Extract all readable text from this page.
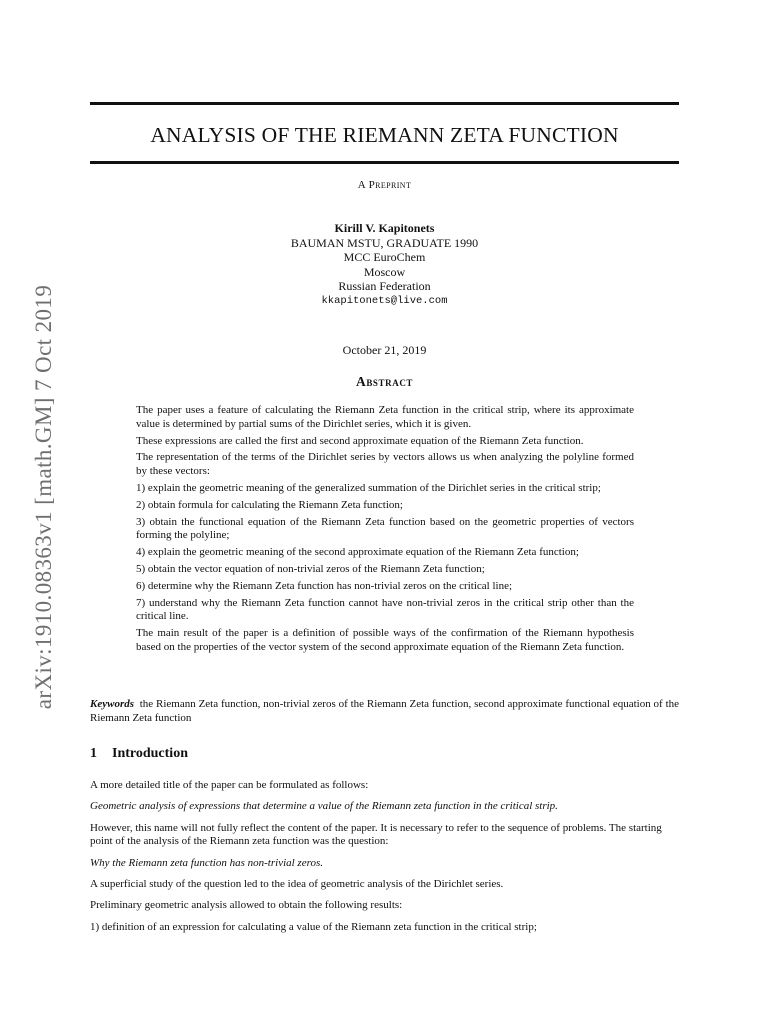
arXiv:1910.08363v1 [math.GM] 7 Oct 2019
ANALYSIS OF THE RIEMANN ZETA FUNCTION
A Preprint
Kirill V. Kapitonets
BAUMAN MSTU, GRADUATE 1990
MCC EuroChem
Moscow
Russian Federation
kkapitonets@live.com
October 21, 2019
Abstract

The paper uses a feature of calculating the Riemann Zeta function in the critical strip, where its approximate value is determined by partial sums of the Dirichlet series, which it is given.

These expressions are called the first and second approximate equation of the Riemann Zeta function.

The representation of the terms of the Dirichlet series by vectors allows us when analyzing the polyline formed by these vectors:

1) explain the geometric meaning of the generalized summation of the Dirichlet series in the critical strip;

2) obtain formula for calculating the Riemann Zeta function;

3) obtain the functional equation of the Riemann Zeta function based on the geometric properties of vectors forming the polyline;

4) explain the geometric meaning of the second approximate equation of the Riemann Zeta function;

5) obtain the vector equation of non-trivial zeros of the Riemann Zeta function;

6) determine why the Riemann Zeta function has non-trivial zeros on the critical line;

7) understand why the Riemann Zeta function cannot have non-trivial zeros in the critical strip other than the critical line.

The main result of the paper is a definition of possible ways of the confirmation of the Riemann hypothesis based on the properties of the vector system of the second approximate equation of the Riemann Zeta function.

Keywords the Riemann Zeta function, non-trivial zeros of the Riemann Zeta function, second approximate functional equation of the Riemann Zeta function
1 Introduction

A more detailed title of the paper can be formulated as follows:

Geometric analysis of expressions that determine a value of the Riemann zeta function in the critical strip.

However, this name will not fully reflect the content of the paper. It is necessary to refer to the sequence of problems. The starting point of the analysis of the Riemann zeta function was the question:

Why the Riemann zeta function has non-trivial zeros.

A superficial study of the question led to the idea of geometric analysis of the Dirichlet series.

Preliminary geometric analysis allowed to obtain the following results:

1) definition of an expression for calculating a value of the Riemann zeta function in the critical strip;
